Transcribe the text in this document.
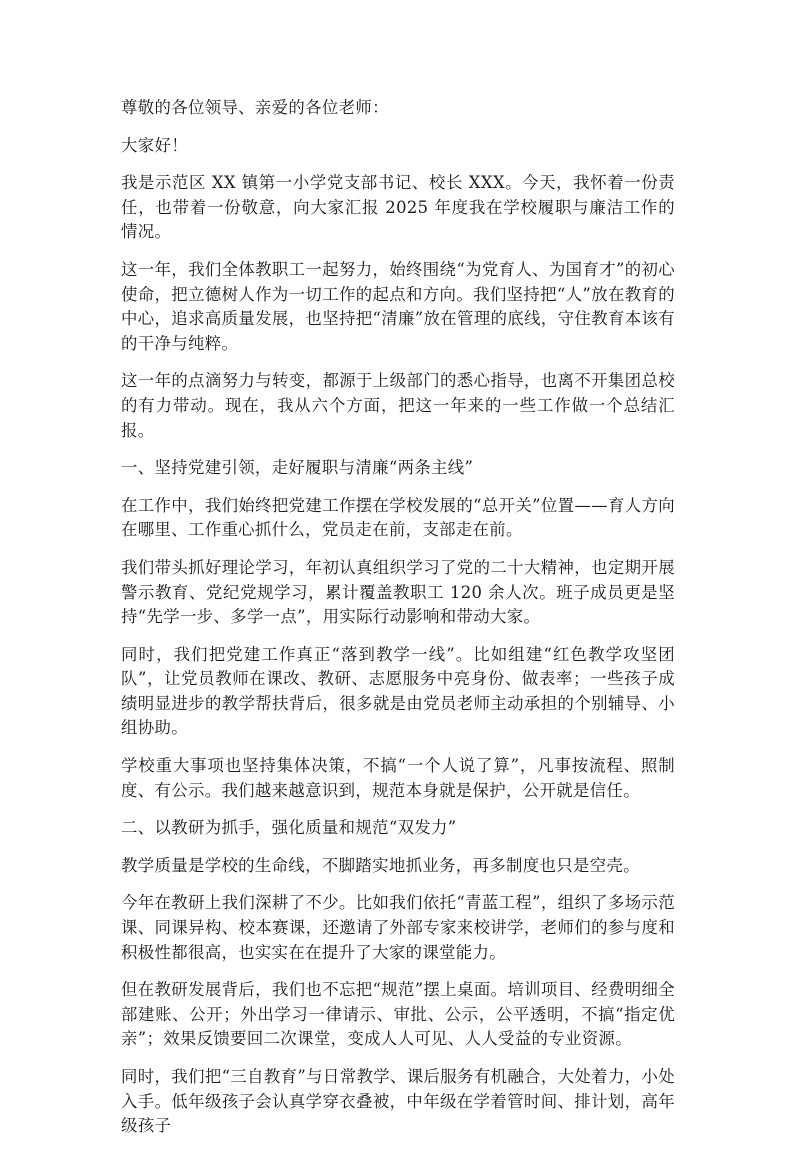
尊敬的各位领导、亲爱的各位老师：

大家好！

我是示范区 XX 镇第一小学党支部书记、校长 XXX。今天，我怀着一份责任，也带着一份敬意，向大家汇报 2025 年度我在学校履职与廉洁工作的情况。

这一年，我们全体教职工一起努力，始终围绕“为党育人、为国育才”的初心使命，把立德树人作为一切工作的起点和方向。我们坚持把“人”放在教育的中心，追求高质量发展，也坚持把“清廉”放在管理的底线，守住教育本该有的干净与纯粹。

这一年的点滴努力与转变，都源于上级部门的悉心指导，也离不开集团总校的有力带动。现在，我从六个方面，把这一年来的一些工作做一个总结汇报。

一、坚持党建引领，走好履职与清廉“两条主线”

在工作中，我们始终把党建工作摆在学校发展的“总开关”位置——育人方向在哪里、工作重心抓什么，党员走在前，支部走在前。

我们带头抓好理论学习，年初认真组织学习了党的二十大精神，也定期开展警示教育、党纪党规学习，累计覆盖教职工 120 余人次。班子成员更是坚持“先学一步、多学一点”，用实际行动影响和带动大家。

同时，我们把党建工作真正“落到教学一线”。比如组建“红色教学攻坚团队”，让党员教师在课改、教研、志愿服务中亮身份、做表率；一些孩子成绩明显进步的教学帮扶背后，很多就是由党员老师主动承担的个别辅导、小组协助。

学校重大事项也坚持集体决策，不搞“一个人说了算”，凡事按流程、照制度、有公示。我们越来越意识到，规范本身就是保护，公开就是信任。

二、以教研为抓手，强化质量和规范“双发力”

教学质量是学校的生命线，不脚踏实地抓业务，再多制度也只是空壳。

今年在教研上我们深耕了不少。比如我们依托“青蓝工程”，组织了多场示范课、同课异构、校本赛课，还邀请了外部专家来校讲学，老师们的参与度和积极性都很高，也实实在在提升了大家的课堂能力。

但在教研发展背后，我们也不忘把“规范”摆上桌面。培训项目、经费明细全部建账、公开；外出学习一律请示、审批、公示，公平透明，不搞“指定优亲”；效果反馈要回二次课堂，变成人人可见、人人受益的专业资源。

同时，我们把“三自教育”与日常教学、课后服务有机融合，大处着力，小处入手。低年级孩子会认真学穿衣叠被，中年级在学着管时间、排计划，高年级孩子
